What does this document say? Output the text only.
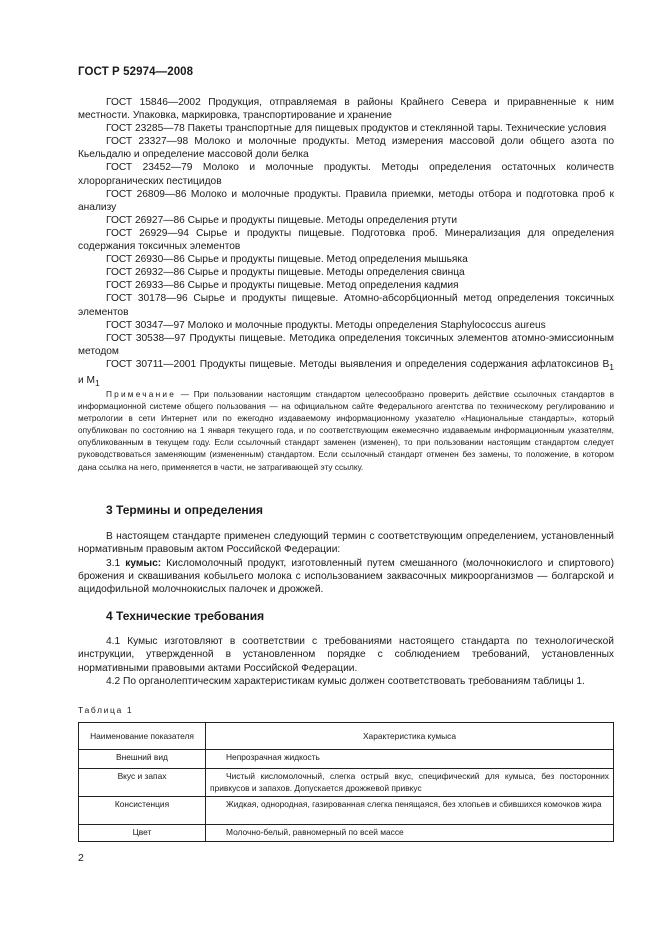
ГОСТ Р 52974—2008
ГОСТ 15846—2002 Продукция, отправляемая в районы Крайнего Севера и приравненные к ним местности. Упаковка, маркировка, транспортирование и хранение
ГОСТ 23285—78 Пакеты транспортные для пищевых продуктов и стеклянной тары. Технические условия
ГОСТ 23327—98 Молоко и молочные продукты. Метод измерения массовой доли общего азота по Кьельдалю и определение массовой доли белка
ГОСТ 23452—79 Молоко и молочные продукты. Методы определения остаточных количеств хлорорганических пестицидов
ГОСТ 26809—86 Молоко и молочные продукты. Правила приемки, методы отбора и подготовка проб к анализу
ГОСТ 26927—86 Сырье и продукты пищевые. Методы определения ртути
ГОСТ 26929—94 Сырье и продукты пищевые. Подготовка проб. Минерализация для определения содержания токсичных элементов
ГОСТ 26930—86 Сырье и продукты пищевые. Метод определения мышьяка
ГОСТ 26932—86 Сырье и продукты пищевые. Методы определения свинца
ГОСТ 26933—86 Сырье и продукты пищевые. Метод определения кадмия
ГОСТ 30178—96 Сырье и продукты пищевые. Атомно-абсорбционный метод определения токсичных элементов
ГОСТ 30347—97 Молоко и молочные продукты. Методы определения Staphylococcus aureus
ГОСТ 30538—97 Продукты пищевые. Методика определения токсичных элементов атомно-эмиссионным методом
ГОСТ 30711—2001 Продукты пищевые. Методы выявления и определения содержания афлатоксинов $B_1$ и $M_1$
Примечание — При пользовании настоящим стандартом целесообразно проверить действие ссылочных стандартов в информационной системе общего пользования — на официальном сайте Федерального агентства по техническому регулированию и метрологии в сети Интернет или по ежегодно издаваемому информационному указателю «Национальные стандарты», который опубликован по состоянию на 1 января текущего года, и по соответствующим ежемесячно издаваемым информационным указателям, опубликованным в текущем году. Если ссылочный стандарт заменен (изменен), то при пользовании настоящим стандартом следует руководствоваться заменяющим (измененным) стандартом. Если ссылочный стандарт отменен без замены, то положение, в котором дана ссылка на него, применяется в части, не затрагивающей эту ссылку.
3 Термины и определения
В настоящем стандарте применен следующий термин с соответствующим определением, установленный нормативным правовым актом Российской Федерации:
3.1 кумыс: Кисломолочный продукт, изготовленный путем смешанного (молочнокислого и спиртового) брожения и сквашивания кобыльего молока с использованием заквасочных микроорганизмов — болгарской и ацидофильной молочнокислых палочек и дрожжей.
4 Технические требования
4.1 Кумыс изготовляют в соответствии с требованиями настоящего стандарта по технологической инструкции, утвержденной в установленном порядке с соблюдением требований, установленных нормативными правовыми актами Российской Федерации.
4.2 По органолептическим характеристикам кумыс должен соответствовать требованиям таблицы 1.
Таблица 1
Наименование показателя	Характеристика кумыса
Внешний вид	Непрозрачная жидкость
Вкус и запах	Чистый кисломолочный, слегка острый вкус, специфический для кумыса, без посторонних привкусов и запахов. Допускается дрожжевой привкус
Консистенция	Жидкая, однородная, газированная слегка пенящаяся, без хлопьев и сбившихся комочков жира
Цвет	Молочно-белый, равномерный по всей массе
2
